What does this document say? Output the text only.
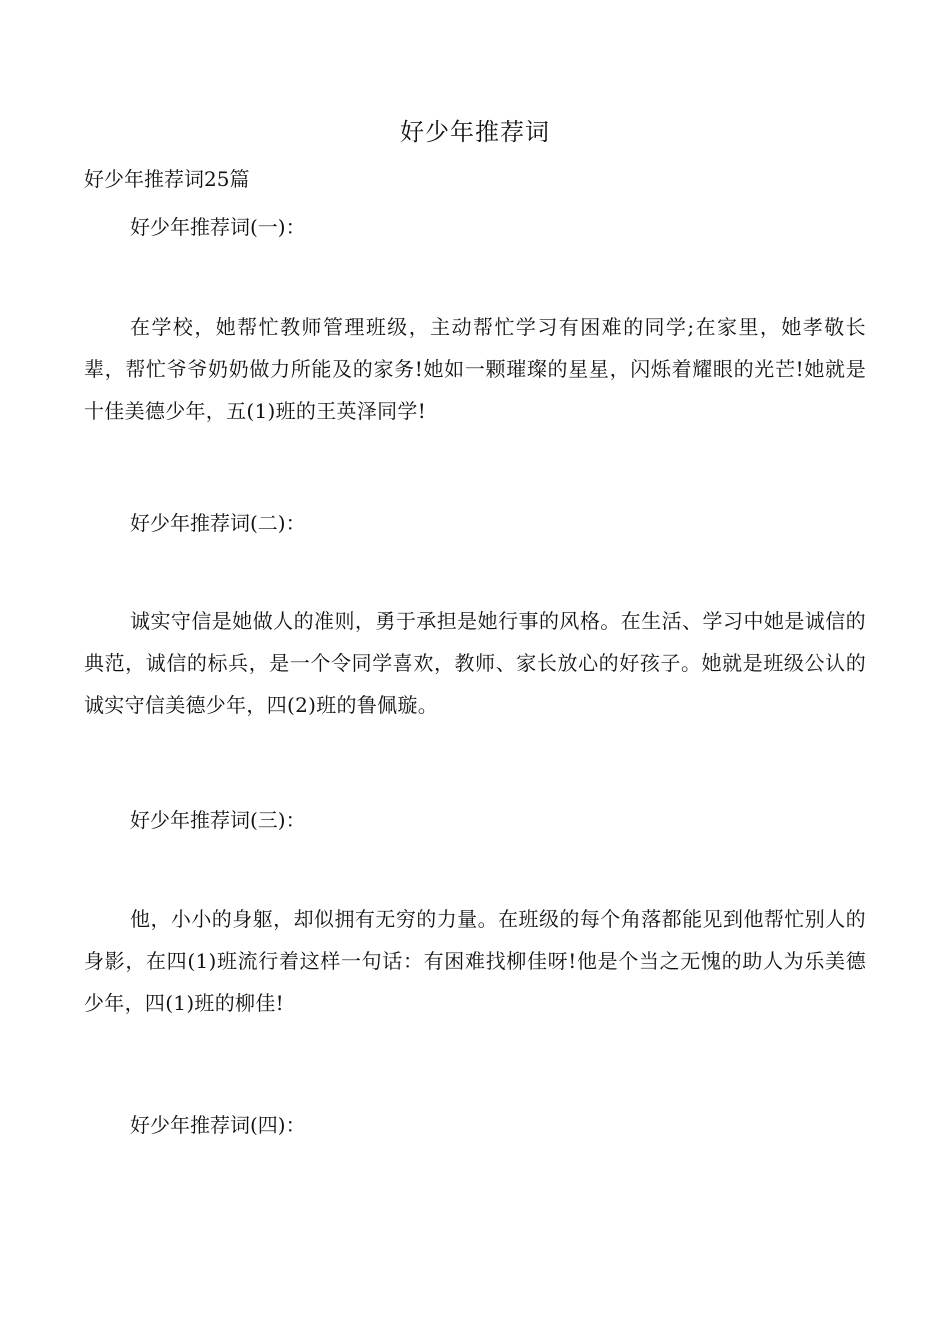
好少年推荐词
好少年推荐词25篇
好少年推荐词(一)：
在学校，她帮忙教师管理班级，主动帮忙学习有困难的同学;在家里，她孝敬长辈，帮忙爷爷奶奶做力所能及的家务!她如一颗璀璨的星星，闪烁着耀眼的光芒!她就是十佳美德少年，五(1)班的王英泽同学!
好少年推荐词(二)：
诚实守信是她做人的准则，勇于承担是她行事的风格。在生活、学习中她是诚信的典范，诚信的标兵，是一个令同学喜欢，教师、家长放心的好孩子。她就是班级公认的诚实守信美德少年，四(2)班的鲁佩璇。
好少年推荐词(三)：
他，小小的身躯，却似拥有无穷的力量。在班级的每个角落都能见到他帮忙别人的身影，在四(1)班流行着这样一句话：有困难找柳佳呀!他是个当之无愧的助人为乐美德少年，四(1)班的柳佳!
好少年推荐词(四)：
